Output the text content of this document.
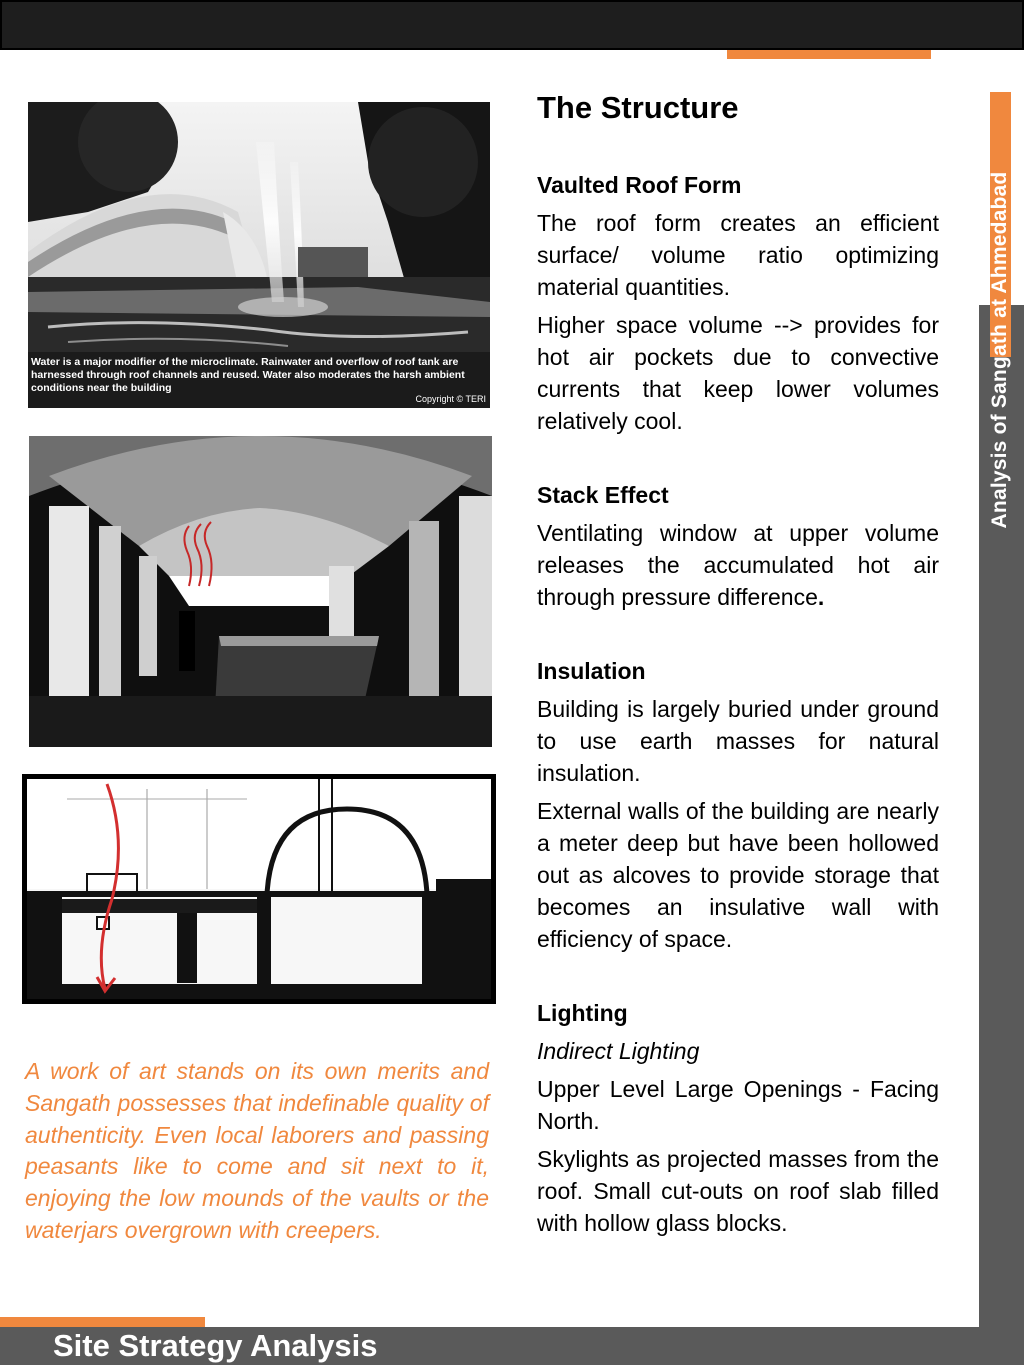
Analysis of Sangath at Ahmedabad
Water is a major modifier of the microclimate. Rainwater and overflow of roof tank are harnessed through roof channels and reused. Water also moderates the harsh ambient conditions near the building
Copyright © TERI
A work of art stands on its own merits and Sangath possesses that indefinable quality of authenticity. Even local laborers and passing peasants like to come and sit next to it, enjoying the low mounds of the vaults or the waterjars overgrown with creepers.
The Structure
Vaulted Roof Form
The roof form creates an efficient surface/ volume ratio optimizing material quantities.
Higher space volume --> provides for hot air pockets due to convective currents that keep lower volumes relatively cool.
Stack Effect
Ventilating window at upper volume releases the accumulated hot air through pressure difference.
Insulation
Building is largely buried under ground to use earth masses for natural insulation.
External walls of the building are nearly a meter deep but have been hollowed out as alcoves to provide storage that becomes an insulative wall with efficiency of space.
Lighting
Indirect Lighting
Upper Level Large Openings - Facing North.
Skylights as projected masses from the roof. Small cut-outs on roof slab filled with hollow glass blocks.
Site Strategy Analysis
